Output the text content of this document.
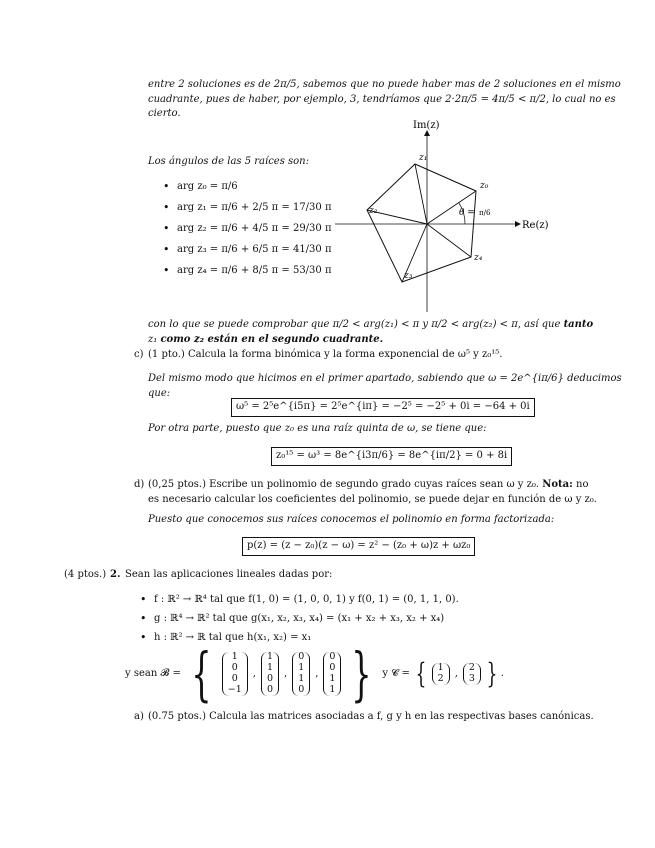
entre 2 soluciones es de 2π/5, sabemos que no puede haber mas de 2 soluciones en el mismo
cuadrante, pues de haber, por ejemplo, 3, tendríamos que 2·2π/5 = 4π/5 < π/2, lo cual no es
cierto.
Los ángulos de las 5 raíces son:
• arg z₀ = π/6
• arg z₁ = π/6 + 2/5 π = 17/30 π
• arg z₂ = π/6 + 4/5 π = 29/30 π
• arg z₃ = π/6 + 6/5 π = 41/30 π
• arg z₄ = π/6 + 8/5 π = 53/30 π
Im(z)
Re(z)
z₁
z₀
z₂
z₃
z₄
θ = π/6
con lo que se puede comprobar que π/2 < arg(z₁) < π y π/2 < arg(z₂) < π, así que tanto
z₁ como z₂ están en el segundo cuadrante.
c) (1 pto.) Calcula la forma binómica y la forma exponencial de ω⁵ y z₀¹⁵.
Del mismo modo que hicimos en el primer apartado, sabiendo que ω = 2e^{iπ/6} deducimos
que:
ω⁵ = 2⁵e^{i5π} = 2⁵e^{iπ} = −2⁵ = −2⁵ + 0i = −64 + 0i
Por otra parte, puesto que z₀ es una raíz quinta de ω, se tiene que:
z₀¹⁵ = ω³ = 8e^{i3π/6} = 8e^{iπ/2} = 0 + 8i
d) (0,25 ptos.) Escribe un polinomio de segundo grado cuyas raíces sean ω y z₀. Nota: no
es necesario calcular los coeficientes del polinomio, se puede dejar en función de ω y z₀.
Puesto que conocemos sus raíces conocemos el polinomio en forma factorizada:
p(z) = (z − z₀)(z − ω) = z² − (z₀ + ω)z + ωz₀
(4 ptos.) 2. Sean las aplicaciones lineales dadas por:
• f : ℝ² → ℝ⁴ tal que f(1, 0) = (1, 0, 0, 1) y f(0, 1) = (0, 1, 1, 0).
• g : ℝ⁴ → ℝ² tal que g(x₁, x₂, x₃, x₄) = (x₁ + x₂ + x₃, x₂ + x₄)
• h : ℝ² → ℝ tal que h(x₁, x₂) = x₁
y sean 𝓑 = {	1
0
0
−1
,
1
1
0
0
,
0
1
1
0
,
0
0
1
1 } y 𝓒 = { 1
2 ,
2
3 } .
a) (0.75 ptos.) Calcula las matrices asociadas a f, g y h en las respectivas bases canónicas.
